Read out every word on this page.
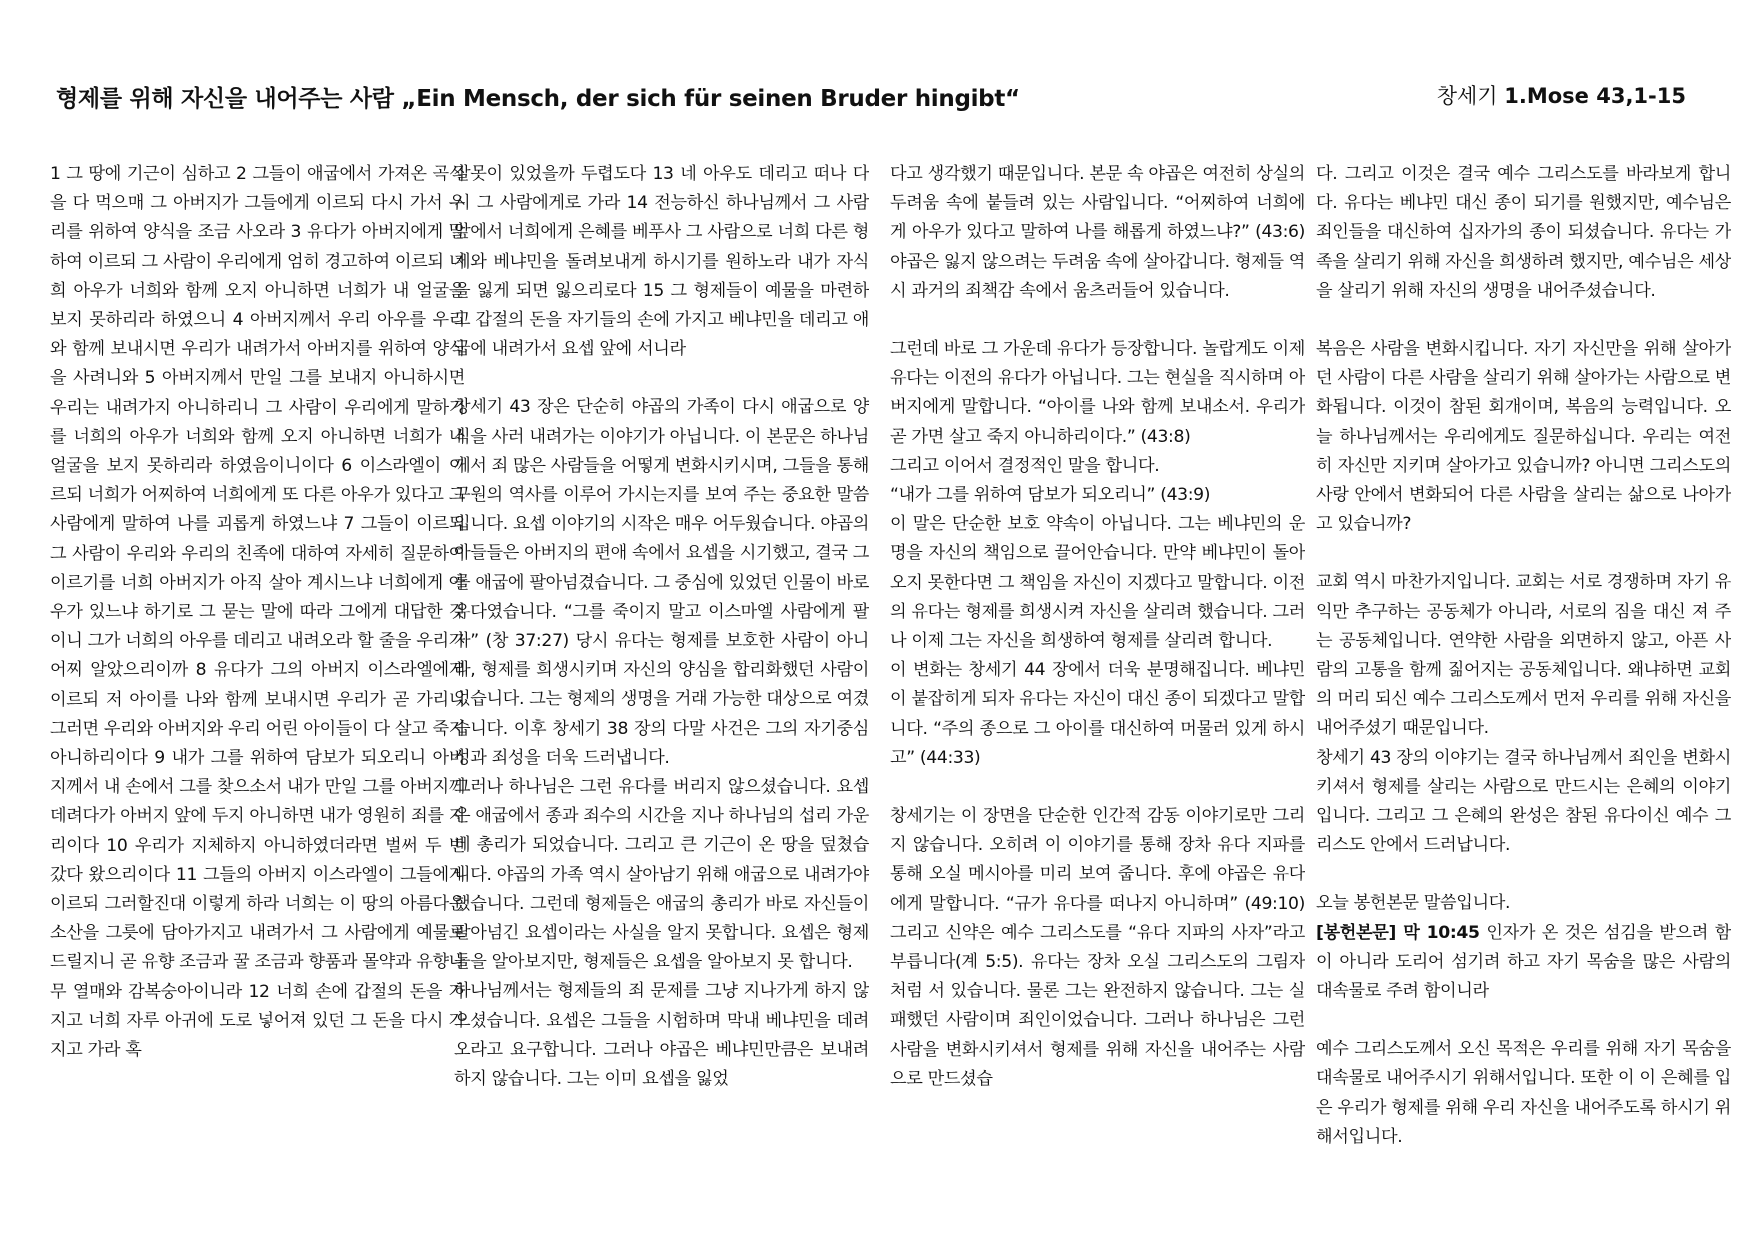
형제를 위해 자신을 내어주는 사람 „Ein Mensch, der sich für seinen Bruder hingibt“	창세기 1.Mose 43,1-15

1 그 땅에 기근이 심하고 2 그들이 애굽에서 가져온 곡식을 다 먹으매 그 아버지가 그들에게 이르되 다시 가서 우리를 위하여 양식을 조금 사오라 3 유다가 아버지에게 말하여 이르되 그 사람이 우리에게 엄히 경고하여 이르되 너희 아우가 너희와 함께 오지 아니하면 너희가 내 얼굴을 보지 못하리라 하였으니 4 아버지께서 우리 아우를 우리와 함께 보내시면 우리가 내려가서 아버지를 위하여 양식을 사려니와 5 아버지께서 만일 그를 보내지 아니하시면 우리는 내려가지 아니하리니 그 사람이 우리에게 말하기를 너희의 아우가 너희와 함께 오지 아니하면 너희가 내 얼굴을 보지 못하리라 하였음이니이다 6 이스라엘이 이르되 너희가 어찌하여 너희에게 또 다른 아우가 있다고 그 사람에게 말하여 나를 괴롭게 하였느냐 7 그들이 이르되 그 사람이 우리와 우리의 친족에 대하여 자세히 질문하여 이르기를 너희 아버지가 아직 살아 계시느냐 너희에게 아우가 있느냐 하기로 그 묻는 말에 따라 그에게 대답한 것이니 그가 너희의 아우를 데리고 내려오라 할 줄을 우리가 어찌 알았으리이까 8 유다가 그의 아버지 이스라엘에게 이르되 저 아이를 나와 함께 보내시면 우리가 곧 가리니 그러면 우리와 아버지와 우리 어린 아이들이 다 살고 죽지 아니하리이다 9 내가 그를 위하여 담보가 되오리니 아버지께서 내 손에서 그를 찾으소서 내가 만일 그를 아버지께 데려다가 아버지 앞에 두지 아니하면 내가 영원히 죄를 지리이다 10 우리가 지체하지 아니하였더라면 벌써 두 번 갔다 왔으리이다 11 그들의 아버지 이스라엘이 그들에게 이르되 그러할진대 이렇게 하라 너희는 이 땅의 아름다운 소산을 그릇에 담아가지고 내려가서 그 사람에게 예물로 드릴지니 곧 유향 조금과 꿀 조금과 향품과 몰약과 유향나무 열매와 감복숭아이니라 12 너희 손에 갑절의 돈을 가지고 너희 자루 아귀에 도로 넣어져 있던 그 돈을 다시 가지고 가라 혹

잘못이 있었을까 두렵도다 13 네 아우도 데리고 떠나 다시 그 사람에게로 가라 14 전능하신 하나님께서 그 사람 앞에서 너희에게 은혜를 베푸사 그 사람으로 너희 다른 형제와 베냐민을 돌려보내게 하시기를 원하노라 내가 자식을 잃게 되면 잃으리로다 15 그 형제들이 예물을 마련하고 갑절의 돈을 자기들의 손에 가지고 베냐민을 데리고 애굽에 내려가서 요셉 앞에 서니라

창세기 43 장은 단순히 야곱의 가족이 다시 애굽으로 양식을 사러 내려가는 이야기가 아닙니다. 이 본문은 하나님께서 죄 많은 사람들을 어떻게 변화시키시며, 그들을 통해 구원의 역사를 이루어 가시는지를 보여 주는 중요한 말씀입니다. 요셉 이야기의 시작은 매우 어두웠습니다. 야곱의 아들들은 아버지의 편애 속에서 요셉을 시기했고, 결국 그를 애굽에 팔아넘겼습니다. 그 중심에 있었던 인물이 바로 유다였습니다. “그를 죽이지 말고 이스마엘 사람에게 팔자” (창 37:27) 당시 유다는 형제를 보호한 사람이 아니라, 형제를 희생시키며 자신의 양심을 합리화했던 사람이었습니다. 그는 형제의 생명을 거래 가능한 대상으로 여겼습니다. 이후 창세기 38 장의 다말 사건은 그의 자기중심성과 죄성을 더욱 드러냅니다.

그러나 하나님은 그런 유다를 버리지 않으셨습니다. 요셉은 애굽에서 종과 죄수의 시간을 지나 하나님의 섭리 가운데 총리가 되었습니다. 그리고 큰 기근이 온 땅을 덮쳤습니다. 야곱의 가족 역시 살아남기 위해 애굽으로 내려가야 했습니다. 그런데 형제들은 애굽의 총리가 바로 자신들이 팔아넘긴 요셉이라는 사실을 알지 못합니다. 요셉은 형제들을 알아보지만, 형제들은 요셉을 알아보지 못 합니다.

하나님께서는 형제들의 죄 문제를 그냥 지나가게 하지 않으셨습니다. 요셉은 그들을 시험하며 막내 베냐민을 데려오라고 요구합니다. 그러나 야곱은 베냐민만큼은 보내려 하지 않습니다. 그는 이미 요셉을 잃었

다고 생각했기 때문입니다. 본문 속 야곱은 여전히 상실의 두려움 속에 붙들려 있는 사람입니다. “어찌하여 너희에게 아우가 있다고 말하여 나를 해롭게 하였느냐?” (43:6) 야곱은 잃지 않으려는 두려움 속에 살아갑니다. 형제들 역시 과거의 죄책감 속에서 움츠러들어 있습니다.

그런데 바로 그 가운데 유다가 등장합니다. 놀랍게도 이제 유다는 이전의 유다가 아닙니다. 그는 현실을 직시하며 아버지에게 말합니다. “아이를 나와 함께 보내소서. 우리가 곧 가면 살고 죽지 아니하리이다.” (43:8)

그리고 이어서 결정적인 말을 합니다.

“내가 그를 위하여 담보가 되오리니” (43:9)

이 말은 단순한 보호 약속이 아닙니다. 그는 베냐민의 운명을 자신의 책임으로 끌어안습니다. 만약 베냐민이 돌아오지 못한다면 그 책임을 자신이 지겠다고 말합니다. 이전의 유다는 형제를 희생시켜 자신을 살리려 했습니다. 그러나 이제 그는 자신을 희생하여 형제를 살리려 합니다.

이 변화는 창세기 44 장에서 더욱 분명해집니다. 베냐민이 붙잡히게 되자 유다는 자신이 대신 종이 되겠다고 말합니다. “주의 종으로 그 아이를 대신하여 머물러 있게 하시고” (44:33)

창세기는 이 장면을 단순한 인간적 감동 이야기로만 그리지 않습니다. 오히려 이 이야기를 통해 장차 유다 지파를 통해 오실 메시아를 미리 보여 줍니다. 후에 야곱은 유다에게 말합니다. “규가 유다를 떠나지 아니하며” (49:10) 그리고 신약은 예수 그리스도를 “유다 지파의 사자”라고 부릅니다(계 5:5). 유다는 장차 오실 그리스도의 그림자처럼 서 있습니다. 물론 그는 완전하지 않습니다. 그는 실패했던 사람이며 죄인이었습니다. 그러나 하나님은 그런 사람을 변화시키셔서 형제를 위해 자신을 내어주는 사람으로 만드셨습

다. 그리고 이것은 결국 예수 그리스도를 바라보게 합니다. 유다는 베냐민 대신 종이 되기를 원했지만, 예수님은 죄인들을 대신하여 십자가의 종이 되셨습니다. 유다는 가족을 살리기 위해 자신을 희생하려 했지만, 예수님은 세상을 살리기 위해 자신의 생명을 내어주셨습니다.

복음은 사람을 변화시킵니다. 자기 자신만을 위해 살아가던 사람이 다른 사람을 살리기 위해 살아가는 사람으로 변화됩니다. 이것이 참된 회개이며, 복음의 능력입니다. 오늘 하나님께서는 우리에게도 질문하십니다. 우리는 여전히 자신만 지키며 살아가고 있습니까? 아니면 그리스도의 사랑 안에서 변화되어 다른 사람을 살리는 삶으로 나아가고 있습니까?

교회 역시 마찬가지입니다. 교회는 서로 경쟁하며 자기 유익만 추구하는 공동체가 아니라, 서로의 짐을 대신 져 주는 공동체입니다. 연약한 사람을 외면하지 않고, 아픈 사람의 고통을 함께 짊어지는 공동체입니다. 왜냐하면 교회의 머리 되신 예수 그리스도께서 먼저 우리를 위해 자신을 내어주셨기 때문입니다.

창세기 43 장의 이야기는 결국 하나님께서 죄인을 변화시키셔서 형제를 살리는 사람으로 만드시는 은혜의 이야기입니다. 그리고 그 은혜의 완성은 참된 유다이신 예수 그리스도 안에서 드러납니다.

오늘 봉헌본문 말씀입니다.

[봉헌본문] 막 10:45 인자가 온 것은 섬김을 받으려 함이 아니라 도리어 섬기려 하고 자기 목숨을 많은 사람의 대속물로 주려 함이니라

예수 그리스도께서 오신 목적은 우리를 위해 자기 목숨을 대속물로 내어주시기 위해서입니다. 또한 이 이 은혜를 입은 우리가 형제를 위해 우리 자신을 내어주도록 하시기 위해서입니다.
